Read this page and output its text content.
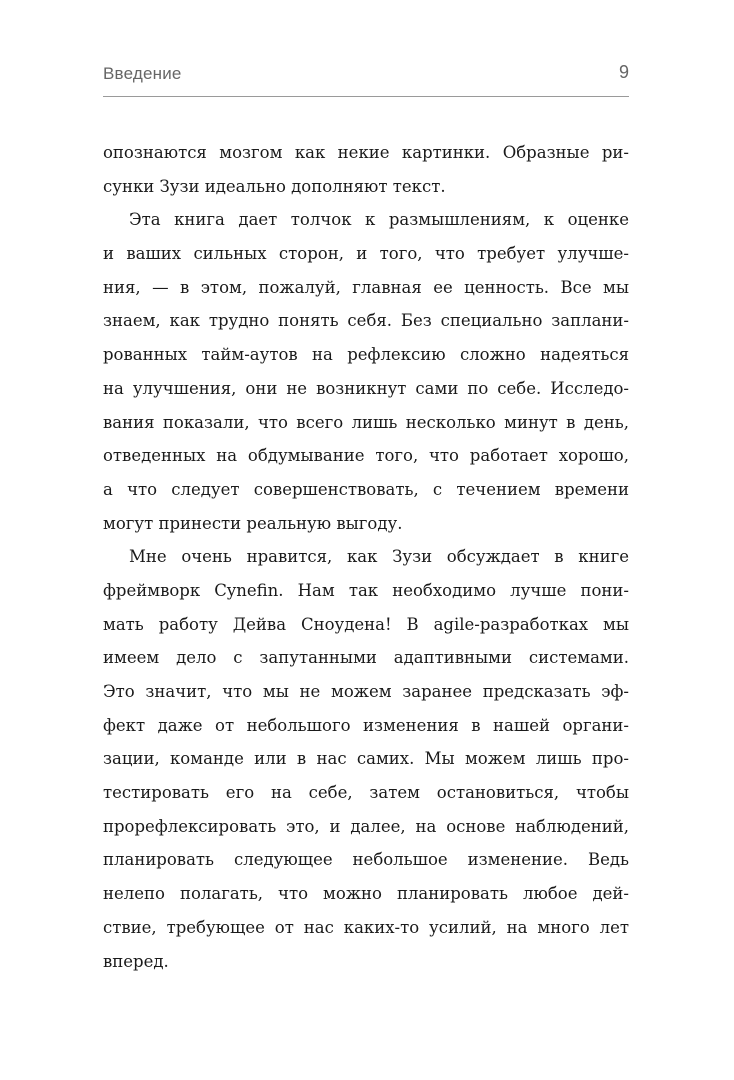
Введение	9
опознаются мозгом как некие картинки. Образные ри-
сунки Зузи идеально дополняют текст.
Эта книга дает толчок к размышлениям, к оценке
и ваших сильных сторон, и того, что требует улучше-
ния, — в этом, пожалуй, главная ее ценность. Все мы
знаем, как трудно понять себя. Без специально заплани-
рованных тайм-аутов на рефлексию сложно надеяться
на улучшения, они не возникнут сами по себе. Исследо-
вания показали, что всего лишь несколько минут в день,
отведенных на обдумывание того, что работает хорошо,
а что следует совершенствовать, с течением времени
могут принести реальную выгоду.
Мне очень нравится, как Зузи обсуждает в книге
фреймворк Cynefin. Нам так необходимо лучше пони-
мать работу Дейва Сноудена! В agile-разработках мы
имеем дело с запутанными адаптивными системами.
Это значит, что мы не можем заранее предсказать эф-
фект даже от небольшого изменения в нашей органи-
зации, команде или в нас самих. Мы можем лишь про-
тестировать его на себе, затем остановиться, чтобы
прорефлексировать это, и далее, на основе наблюдений,
планировать следующее небольшое изменение. Ведь
нелепо полагать, что можно планировать любое дей-
ствие, требующее от нас каких-то усилий, на много лет
вперед.
